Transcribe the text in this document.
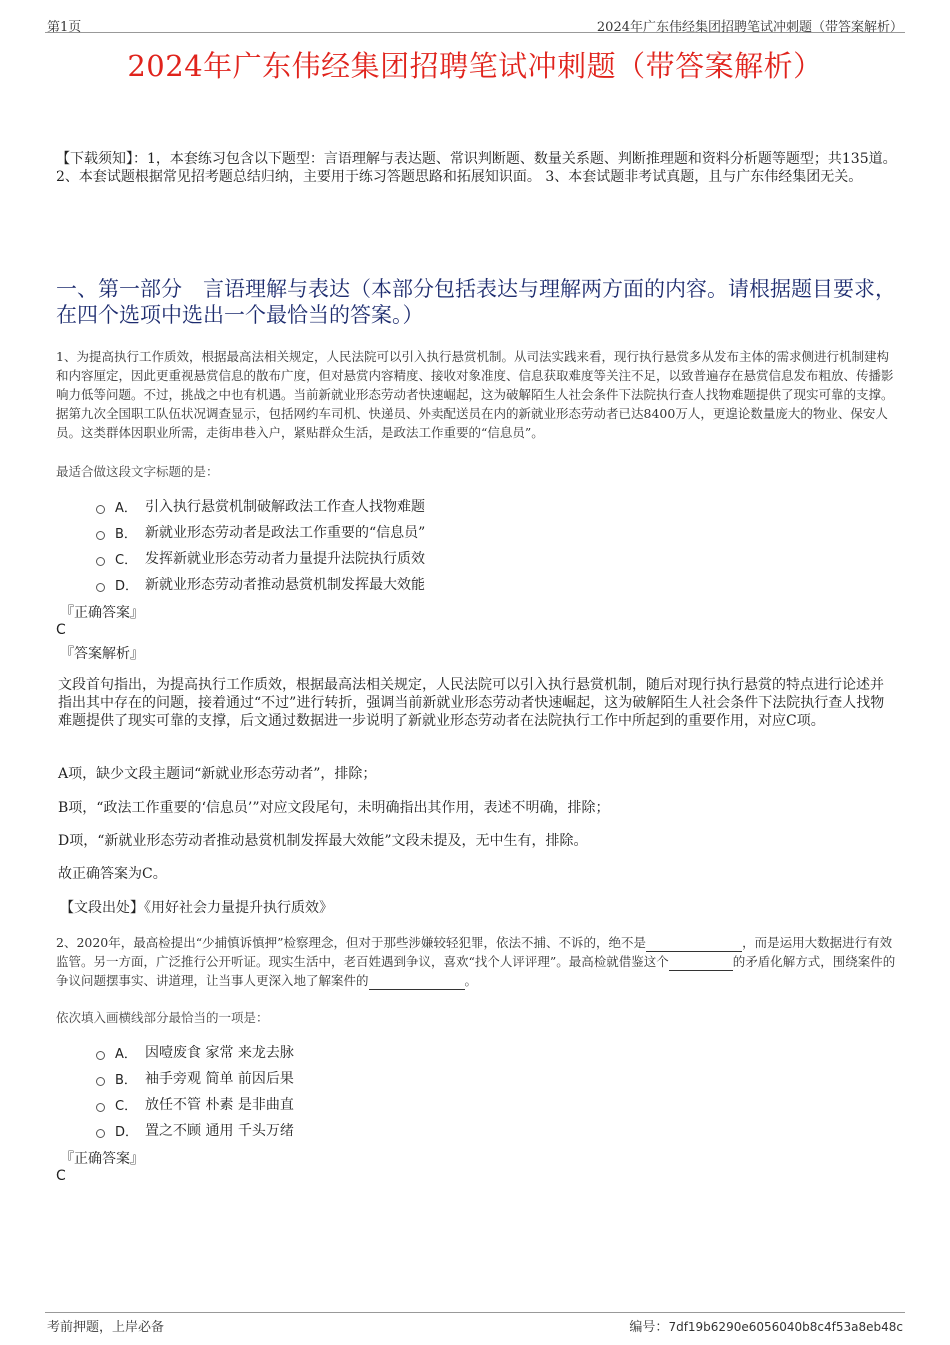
第1页	2024年广东伟经集团招聘笔试冲刺题（带答案解析）
2024年广东伟经集团招聘笔试冲刺题（带答案解析）
【下载须知】：1，本套练习包含以下题型：言语理解与表达题、常识判断题、数量关系题、判断推理题和资料分析题等题型；共135道。 2、本套试题根据常见招考题总结归纳，主要用于练习答题思路和拓展知识面。 3、本套试题非考试真题，且与广东伟经集团无关。
一、第一部分　言语理解与表达（本部分包括表达与理解两方面的内容。请根据题目要求，在四个选项中选出一个最恰当的答案。）
1、为提高执行工作质效，根据最高法相关规定，人民法院可以引入执行悬赏机制。从司法实践来看，现行执行悬赏多从发布主体的需求侧进行机制建构和内容厘定，因此更重视悬赏信息的散布广度，但对悬赏内容精度、接收对象准度、信息获取难度等关注不足，以致普遍存在悬赏信息发布粗放、传播影响力低等问题。不过，挑战之中也有机遇。当前新就业形态劳动者快速崛起，这为破解陌生人社会条件下法院执行查人找物难题提供了现实可靠的支撑。据第九次全国职工队伍状况调查显示，包括网约车司机、快递员、外卖配送员在内的新就业形态劳动者已达8400万人，更遑论数量庞大的物业、保安人员。这类群体因职业所需，走街串巷入户，紧贴群众生活，是政法工作重要的“信息员”。
最适合做这段文字标题的是：
A． 引入执行悬赏机制破解政法工作查人找物难题
B． 新就业形态劳动者是政法工作重要的“信息员”
C． 发挥新就业形态劳动者力量提升法院执行质效
D． 新就业形态劳动者推动悬赏机制发挥最大效能
『正确答案』
C
『答案解析』
文段首句指出，为提高执行工作质效，根据最高法相关规定，人民法院可以引入执行悬赏机制，随后对现行执行悬赏的特点进行论述并指出其中存在的问题，接着通过“不过”进行转折，强调当前新就业形态劳动者快速崛起，这为破解陌生人社会条件下法院执行查人找物难题提供了现实可靠的支撑，后文通过数据进一步说明了新就业形态劳动者在法院执行工作中所起到的重要作用，对应C项。
A项，缺少文段主题词“新就业形态劳动者”，排除；
B项，“政法工作重要的‘信息员’”对应文段尾句，未明确指出其作用，表述不明确，排除；
D项，“新就业形态劳动者推动悬赏机制发挥最大效能”文段未提及，无中生有，排除。
故正确答案为C。
【文段出处】《用好社会力量提升执行质效》
2、2020年，最高检提出“少捕慎诉慎押”检察理念，但对于那些涉嫌较轻犯罪，依法不捕、不诉的，绝不是	，而是运用大数据进行有效监管。另一方面，广泛推行公开听证。现实生活中，老百姓遇到争议，喜欢“找个人评评理”。最高检就借鉴这个	的矛盾化解方式，围绕案件的争议问题摆事实、讲道理，让当事人更深入地了解案件的	。
依次填入画横线部分最恰当的一项是：
A． 因噎废食 家常 来龙去脉
B． 袖手旁观 简单 前因后果
C． 放任不管 朴素 是非曲直
D． 置之不顾 通用 千头万绪
『正确答案』
C
考前押题，上岸必备	编号：7df19b6290e6056040b8c4f53a8eb48c
